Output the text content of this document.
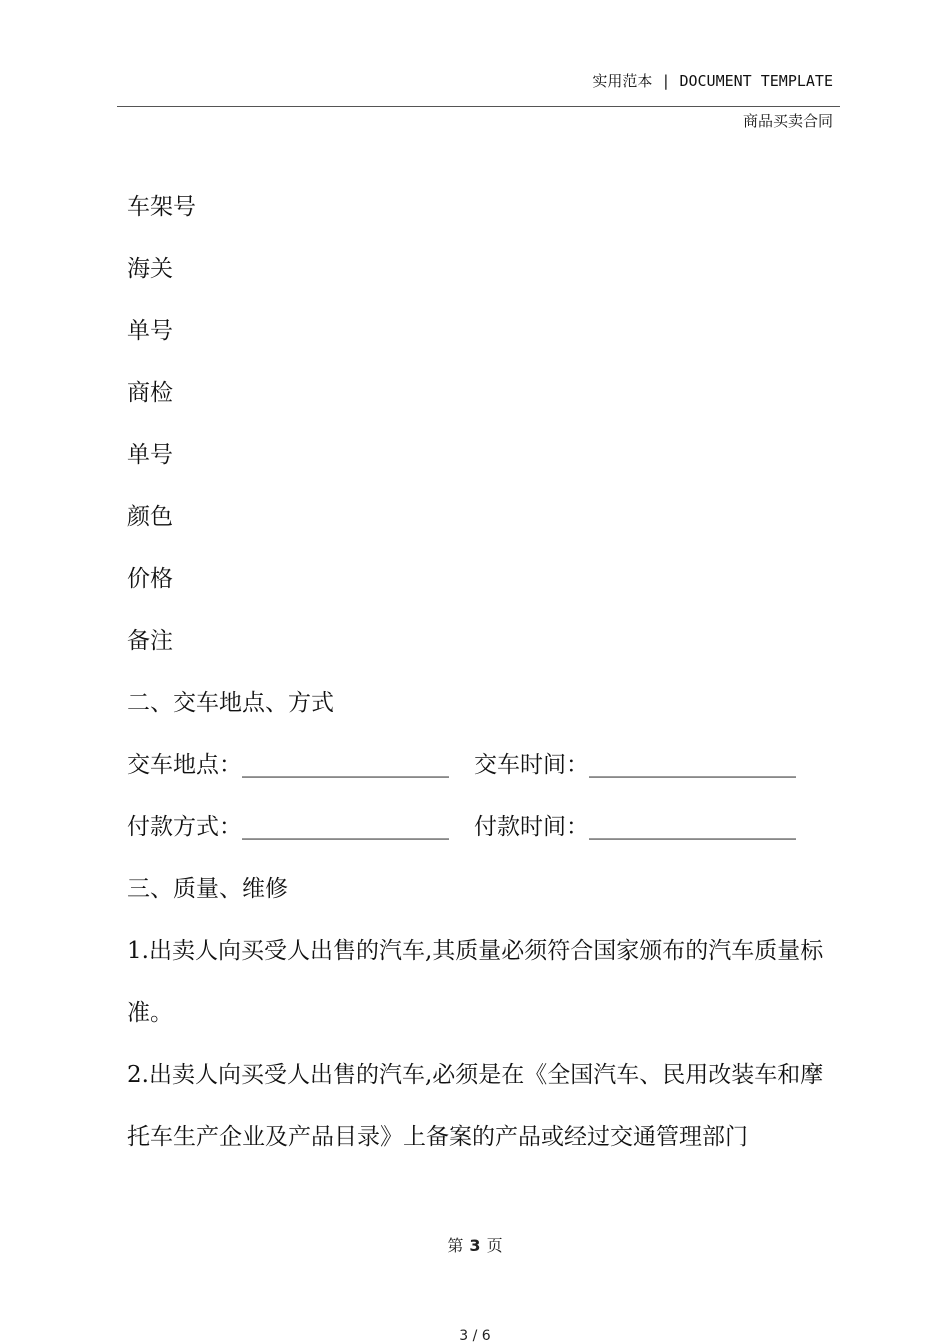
实用范本 | DOCUMENT TEMPLATE
商品买卖合同
车架号
海关
单号
商检
单号
颜色
价格
备注
二、交车地点、方式
交车地点：__________________ 交车时间：__________________
付款方式：__________________ 付款时间：__________________
三、质量、维修
1.出卖人向买受人出售的汽车,其质量必须符合国家颁布的汽车质量标准。
2.出卖人向买受人出售的汽车,必须是在《全国汽车、民用改装车和摩托车生产企业及产品目录》上备案的产品或经过交通管理部门
第 3 页
3 / 6
